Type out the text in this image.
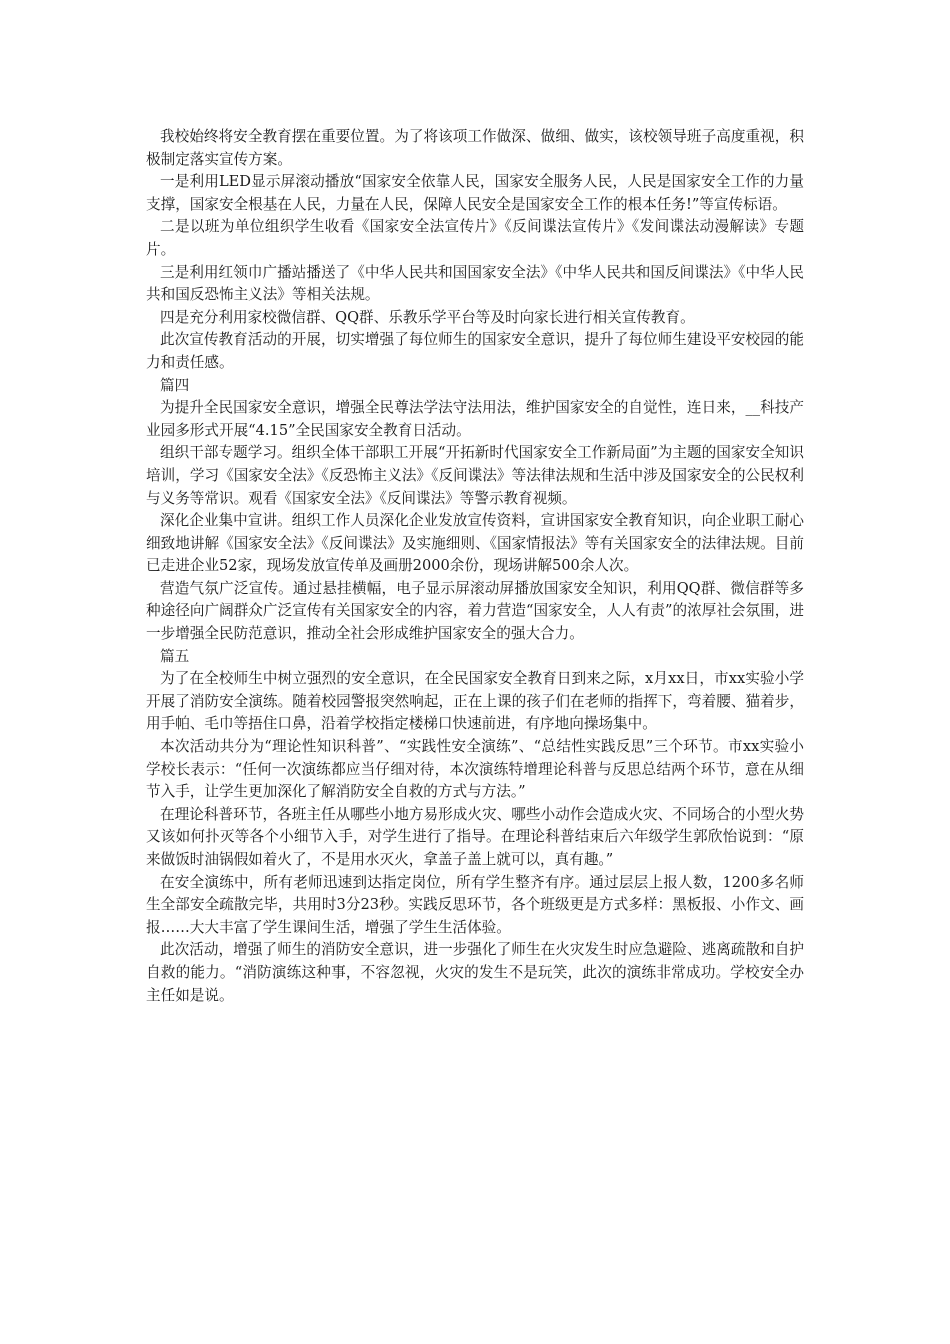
我校始终将安全教育摆在重要位置。为了将该项工作做深、做细、做实，该校领导班子高度重视，积极制定落实宣传方案。

一是利用LED显示屏滚动播放“国家安全依靠人民，国家安全服务人民，人民是国家安全工作的力量支撑，国家安全根基在人民，力量在人民，保障人民安全是国家安全工作的根本任务!”等宣传标语。

二是以班为单位组织学生收看《国家安全法宣传片》《反间谍法宣传片》《发间谍法动漫解读》专题片。

三是利用红领巾广播站播送了《中华人民共和国国家安全法》《中华人民共和国反间谍法》《中华人民共和国反恐怖主义法》等相关法规。

四是充分利用家校微信群、QQ群、乐教乐学平台等及时向家长进行相关宣传教育。

此次宣传教育活动的开展，切实增强了每位师生的国家安全意识，提升了每位师生建设平安校园的能力和责任感。

篇四

为提升全民国家安全意识，增强全民尊法学法守法用法，维护国家安全的自觉性，连日来，__科技产业园多形式开展“4.15”全民国家安全教育日活动。

组织干部专题学习。组织全体干部职工开展“开拓新时代国家安全工作新局面”为主题的国家安全知识培训，学习《国家安全法》《反恐怖主义法》《反间谍法》等法律法规和生活中涉及国家安全的公民权利与义务等常识。观看《国家安全法》《反间谍法》等警示教育视频。

深化企业集中宣讲。组织工作人员深化企业发放宣传资料，宣讲国家安全教育知识，向企业职工耐心细致地讲解《国家安全法》《反间谍法》及实施细则、《国家情报法》等有关国家安全的法律法规。目前已走进企业52家，现场发放宣传单及画册2000余份，现场讲解500余人次。

营造气氛广泛宣传。通过悬挂横幅，电子显示屏滚动屏播放国家安全知识，利用QQ群、微信群等多种途径向广阔群众广泛宣传有关国家安全的内容，着力营造“国家安全，人人有责”的浓厚社会氛围，进一步增强全民防范意识，推动全社会形成维护国家安全的强大合力。

篇五

为了在全校师生中树立强烈的安全意识，在全民国家安全教育日到来之际，x月xx日，市xx实验小学开展了消防安全演练。随着校园警报突然响起，正在上课的孩子们在老师的指挥下，弯着腰、猫着步，用手帕、毛巾等捂住口鼻，沿着学校指定楼梯口快速前进，有序地向操场集中。

本次活动共分为“理论性知识科普”、“实践性安全演练”、“总结性实践反思”三个环节。市xx实验小学校长表示：“任何一次演练都应当仔细对待，本次演练特增理论科普与反思总结两个环节，意在从细节入手，让学生更加深化了解消防安全自救的方式与方法。”

在理论科普环节，各班主任从哪些小地方易形成火灾、哪些小动作会造成火灾、不同场合的小型火势又该如何扑灭等各个小细节入手，对学生进行了指导。在理论科普结束后六年级学生郭欣怡说到：“原来做饭时油锅假如着火了，不是用水灭火，拿盖子盖上就可以，真有趣。”

在安全演练中，所有老师迅速到达指定岗位，所有学生整齐有序。通过层层上报人数，1200多名师生全部安全疏散完毕，共用时3分23秒。实践反思环节，各个班级更是方式多样：黑板报、小作文、画报……大大丰富了学生课间生活，增强了学生生活体验。

此次活动，增强了师生的消防安全意识，进一步强化了师生在火灾发生时应急避险、逃离疏散和自护自救的能力。“消防演练这种事，不容忽视，火灾的发生不是玩笑，此次的演练非常成功。学校安全办主任如是说。
